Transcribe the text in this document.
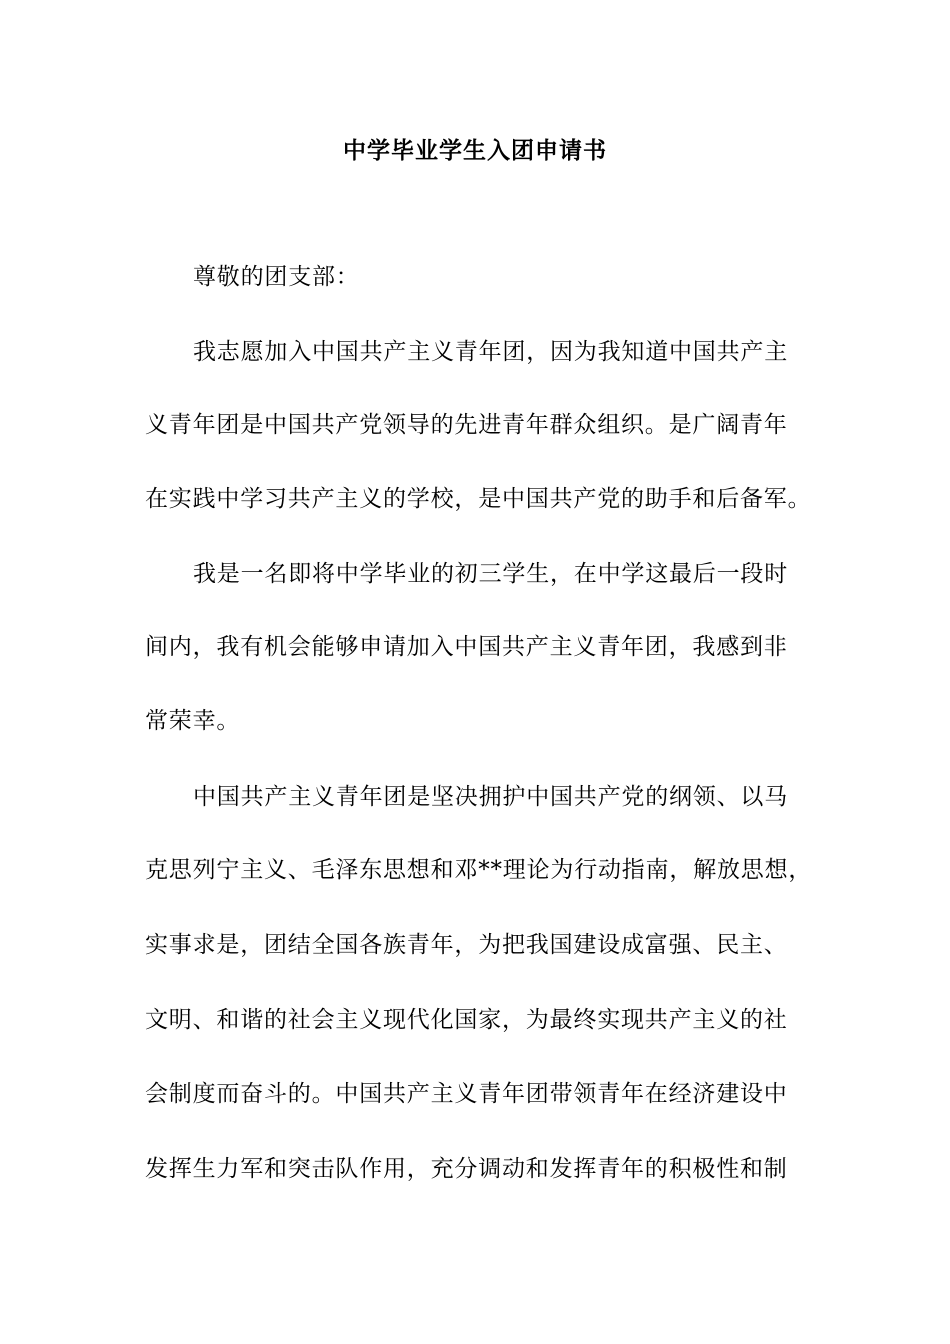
中学毕业学生入团申请书
尊敬的团支部：
我志愿加入中国共产主义青年团，因为我知道中国共产主
义青年团是中国共产党领导的先进青年群众组织。是广阔青年
在实践中学习共产主义的学校，是中国共产党的助手和后备军。
我是一名即将中学毕业的初三学生，在中学这最后一段时
间内，我有机会能够申请加入中国共产主义青年团，我感到非
常荣幸。
中国共产主义青年团是坚决拥护中国共产党的纲领、以马
克思列宁主义、毛泽东思想和邓**理论为行动指南，解放思想，
实事求是，团结全国各族青年，为把我国建设成富强、民主、
文明、和谐的社会主义现代化国家，为最终实现共产主义的社
会制度而奋斗的。中国共产主义青年团带领青年在经济建设中
发挥生力军和突击队作用，充分调动和发挥青年的积极性和制
